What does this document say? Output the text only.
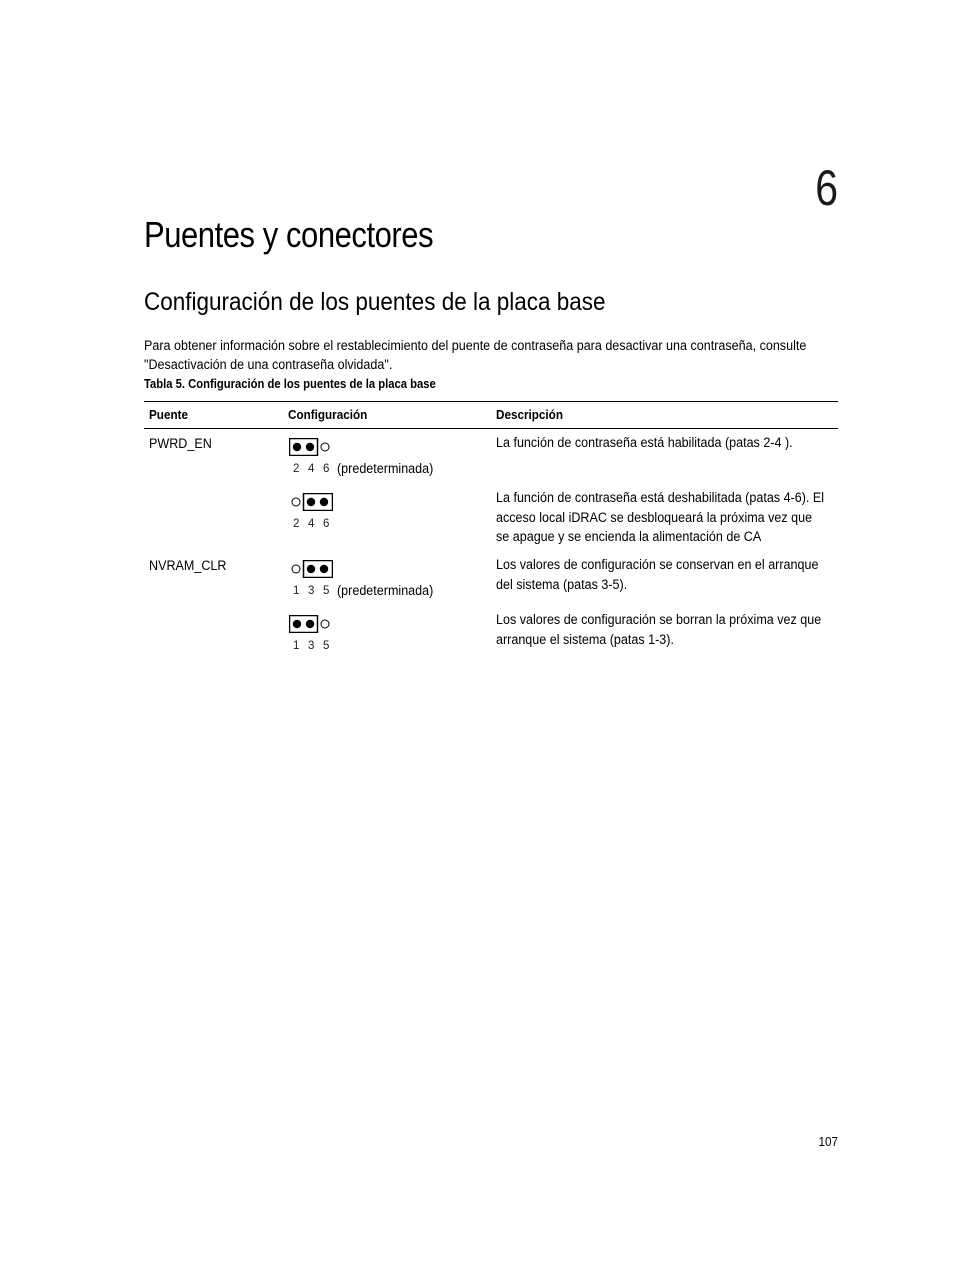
6
Puentes y conectores
Configuración de los puentes de la placa base

Para obtener información sobre el restablecimiento del puente de contraseña para desactivar una contraseña, consulte
"Desactivación de una contraseña olvidada".

Tabla 5. Configuración de los puentes de la placa base
Puente	Configuración	Descripción
PWRD_EN
2 4 6 (predeterminada)
La función de contraseña está habilitada (patas 2-4 ).
2 4 6
La función de contraseña está deshabilitada (patas 4-6). El
acceso local iDRAC se desbloqueará la próxima vez que
se apague y se encienda la alimentación de CA
NVRAM_CLR
1 3 5 (predeterminada)
Los valores de configuración se conservan en el arranque
del sistema (patas 3-5).
1 3 5
Los valores de configuración se borran la próxima vez que
arranque el sistema (patas 1-3).
107
